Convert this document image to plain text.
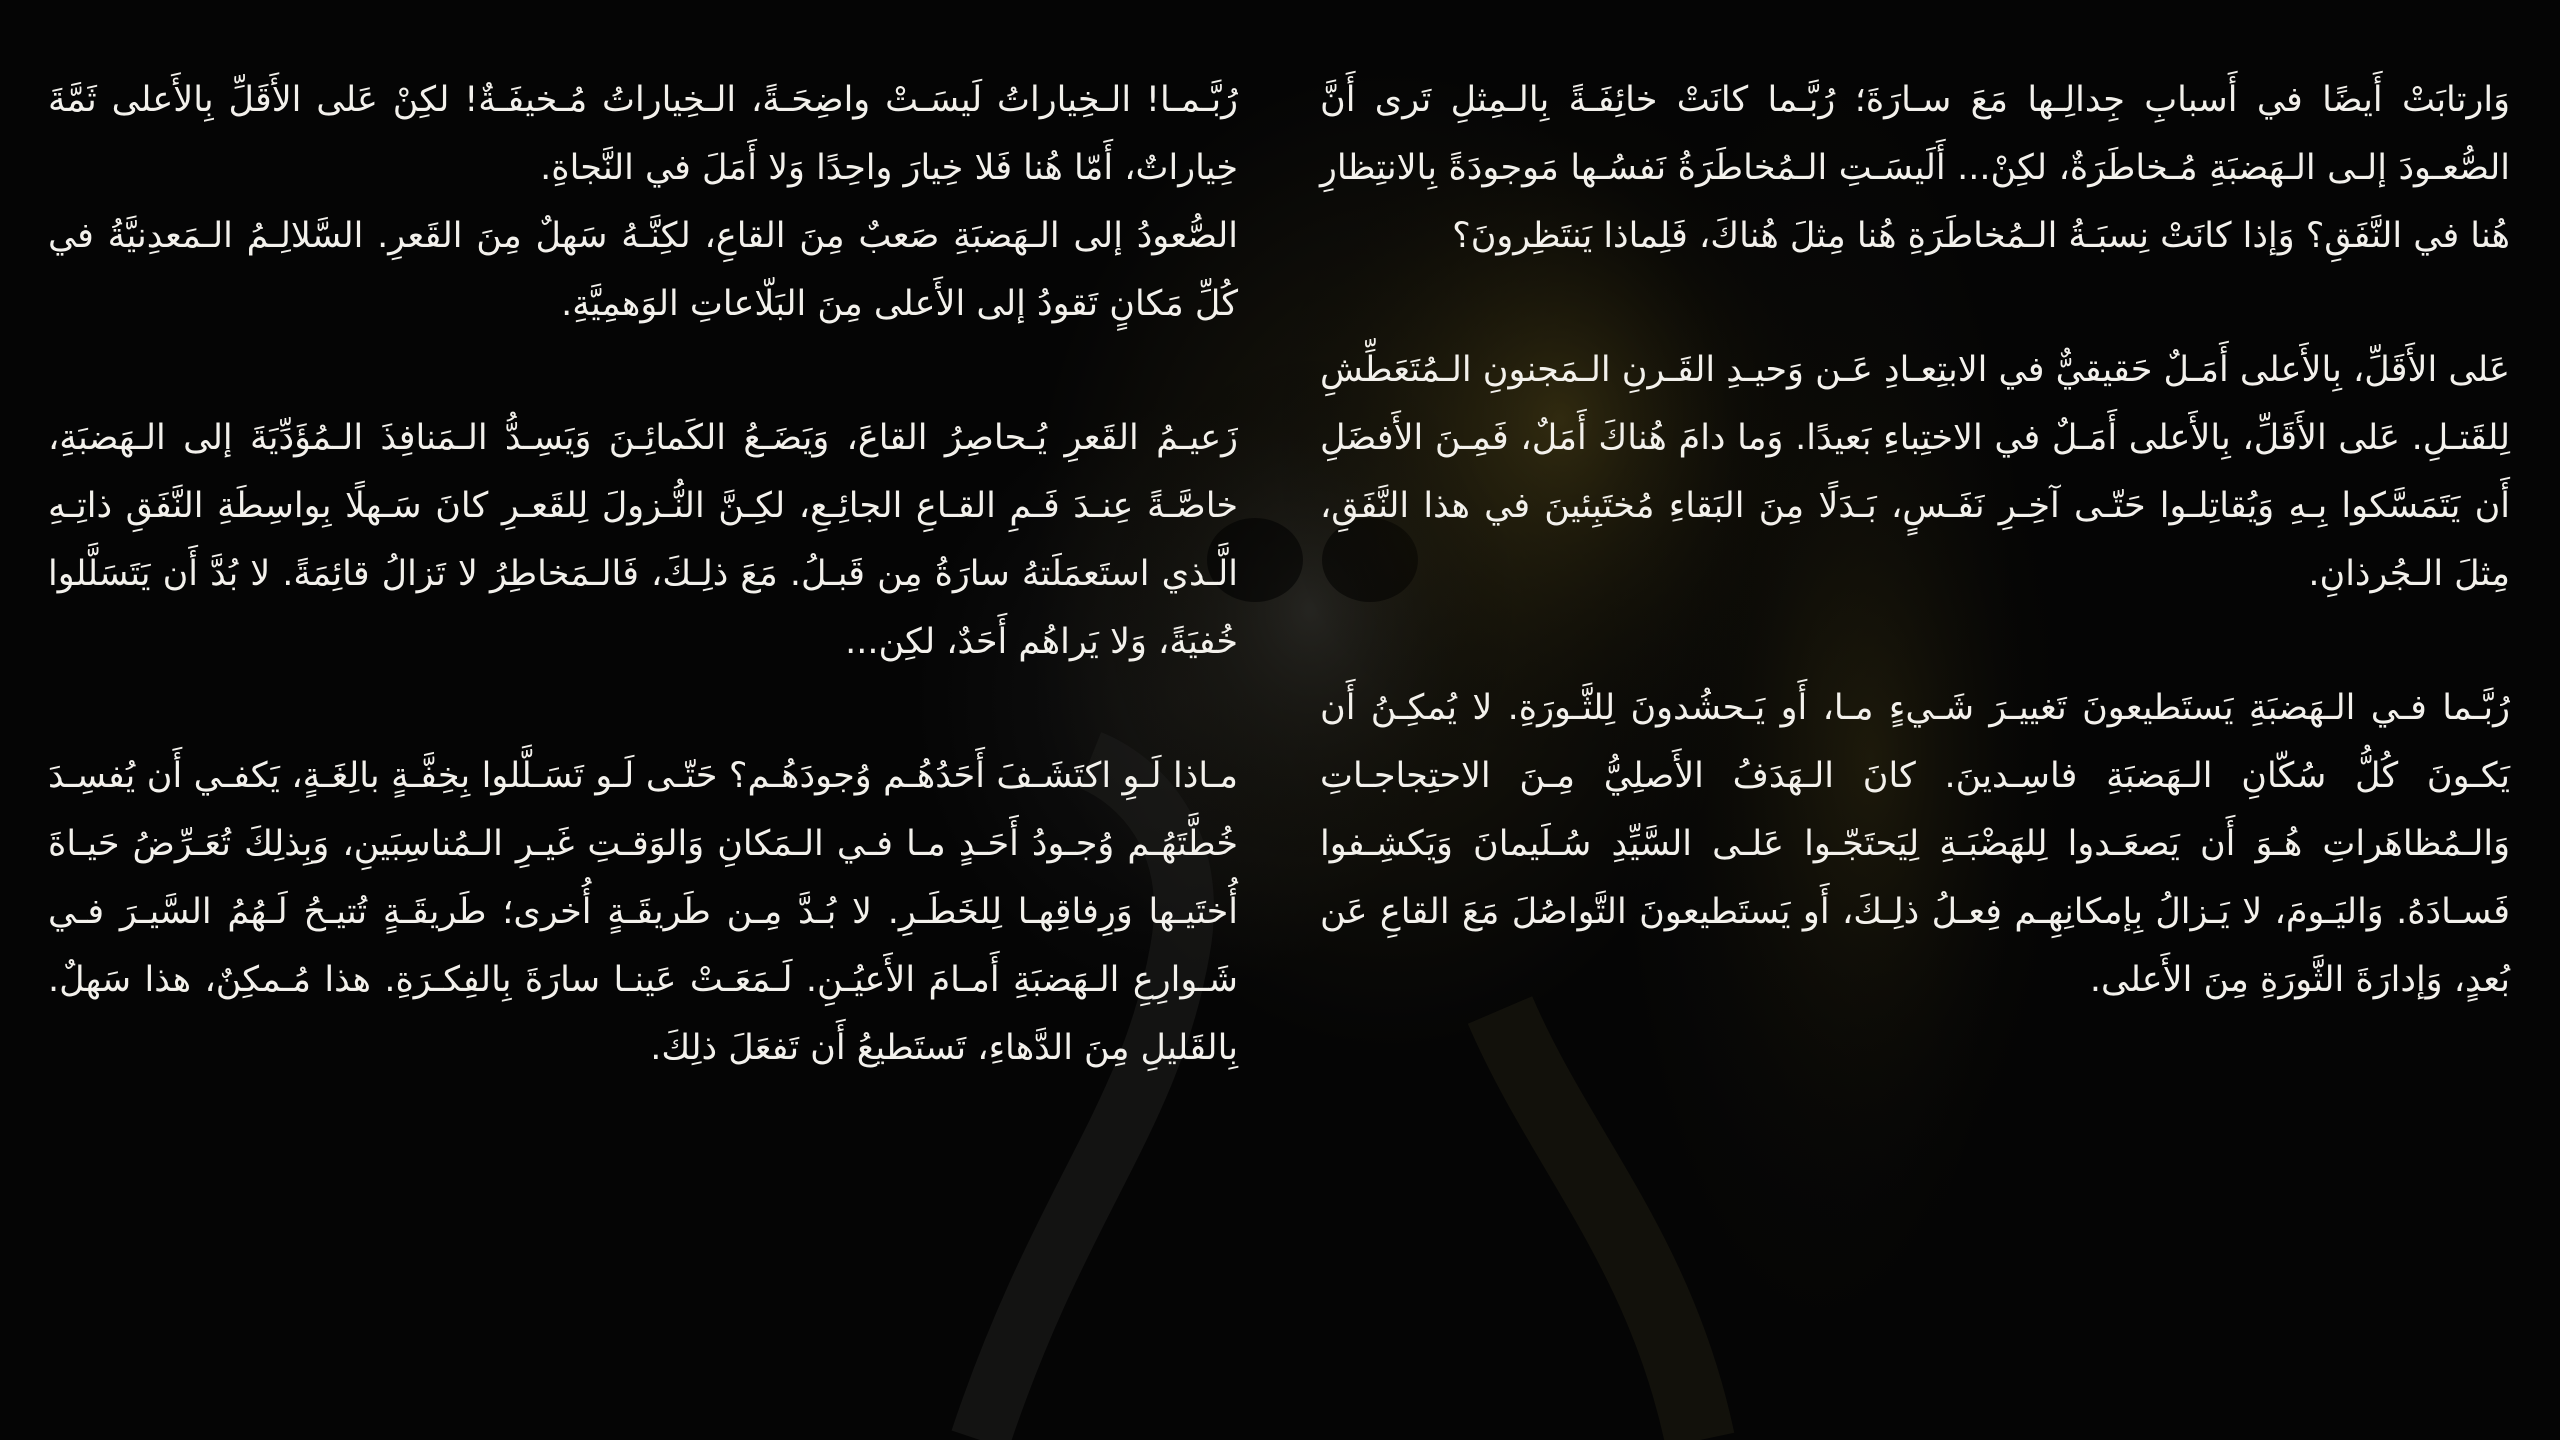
وَارتابَتْ أَيضًا في أَسبابِ جِدالِـها مَعَ سـارَةَ؛ رُبَّـما كانَتْ خائِفَـةً بِالـمِثلِ تَرى أَنَّ الصُّعـودَ إلـى الـهَضبَةِ مُـخاطَرَةٌ، لكِنْ... أَلَيسَـتِ الـمُخاطَرَةُ نَفسُـها مَوجودَةً بِالانتِظارِ هُنا في النَّفَقِ؟ وَإذا كانَتْ نِسبَـةُ الـمُخاطَرَةِ هُنا مِثلَ هُناكَ، فَلِماذا يَنتَظِرونَ؟

عَلى الأَقَلِّ، بِالأَعلى أَمَـلٌ حَقيقيٌّ في الابتِعـادِ عَـن وَحيـدِ القَـرنِ الـمَجنونِ الـمُتَعَطِّشِ لِلقَتـلِ. عَلى الأَقَلِّ، بِالأَعلى أَمَـلٌ في الاختِباءِ بَعيدًا. وَما دامَ هُناكَ أَمَلٌ، فَمِـنَ الأَفضَلِ أَن يَتَمَسَّكوا بِـهِ وَيُقاتِلـوا حَتّـى آخِـرِ نَفَـسٍ، بَـدَلًا مِنَ البَقاءِ مُختَبِئينَ في هذا النَّفَقِ، مِثلَ الـجُرذانِ.

رُبَّـما فـي الـهَضبَةِ يَستَطيعونَ تَغييـرَ شَـيءٍ مـا، أَو يَـحشُدونَ لِلثَّـورَةِ. لا يُمكِـنُ أَن يَكـونَ كُلُّ سُكّانِ الـهَضبَةِ فاسِـدينَ. كانَ الـهَدَفُ الأَصلِيُّ مِـنَ الاحتِجاجـاتِ وَالـمُظاهَراتِ هُـوَ أَن يَصعَـدوا لِلهَضْبَـةِ لِيَحتَجّـوا عَلـى السَّيِّدِ سُـلَيمانَ وَيَكشِـفوا فَسـادَهُ. وَاليَـومَ، لا يَـزالُ بِإمكانِهِـم فِعـلُ ذلِـكَ، أَو يَستَطيعونَ التَّواصُلَ مَعَ القاعِ عَن بُعدٍ، وَإدارَةَ الثَّورَةِ مِنَ الأَعلى.

رُبَّـمـا! الـخِياراتُ لَيسَـتْ واضِحَـةً، الـخِياراتُ مُـخيفَـةٌ! لكِنْ عَلى الأَقَلِّ بِالأَعلى ثَمَّةَ خِياراتٌ، أَمّا هُنا فَلا خِيارَ واحِدًا وَلا أَمَلَ في النَّجاةِ.

الصُّعودُ إلى الـهَضبَةِ صَعبٌ مِنَ القاعِ، لكِنَّـهُ سَهلٌ مِنَ القَعرِ. السَّلالِـمُ الـمَعدِنيَّةُ في كُلِّ مَكانٍ تَقودُ إلى الأَعلى مِنَ البَلّاعاتِ الوَهمِيَّةِ.

زَعيـمُ القَعرِ يُـحاصِرُ القاعَ، وَيَضَـعُ الكَمائِـنَ وَيَسِـدُّ الـمَنافِذَ الـمُؤَدِّيَةَ إلى الـهَضبَةِ، خاصَّـةً عِنـدَ فَـمِ القـاعِ الجائِـعِ، لكِـنَّ النُّـزولَ لِلقَعـرِ كانَ سَـهلًا بِواسِطَةِ النَّفَقِ ذاتِـهِ الَّـذي استَعمَلَتهُ سارَةُ مِن قَبـلُ. مَعَ ذلِـكَ، فَالـمَخاطِرُ لا تَزالُ قائِمَةً. لا بُدَّ أَن يَتَسَلَّلوا خُفيَةً، وَلا يَراهُم أَحَدٌ، لكِن...

مـاذا لَـوِ اكتَشَـفَ أَحَدُهُـم وُجودَهُـم؟ حَتّـى لَـو تَسَـلَّلوا بِخِفَّـةٍ بالِغَـةٍ، يَكفـي أَن يُفسِـدَ خُطَّتَهُـم وُجـودُ أَحَـدٍ مـا فـي الـمَكانِ وَالوَقـتِ غَيـرِ الـمُناسِبَينِ، وَبِذلِكَ تُعَـرِّضُ حَيـاةَ أُختَيـها وَرِفاقِهـا لِلخَطَـرِ. لا بُـدَّ مِـن طَريقَـةٍ أُخرى؛ طَريقَـةٍ تُتيـحُ لَـهُمُ السَّيـرَ فـي شَـوارِعِ الـهَضبَةِ أَمـامَ الأَعيُـنِ. لَـمَعَـتْ عَينـا سارَةَ بِالفِكـرَةِ. هذا مُـمكِنٌ، هذا سَهلٌ. بِالقَليلِ مِنَ الدَّهاءِ، تَستَطيعُ أَن تَفعَلَ ذلِكَ.
